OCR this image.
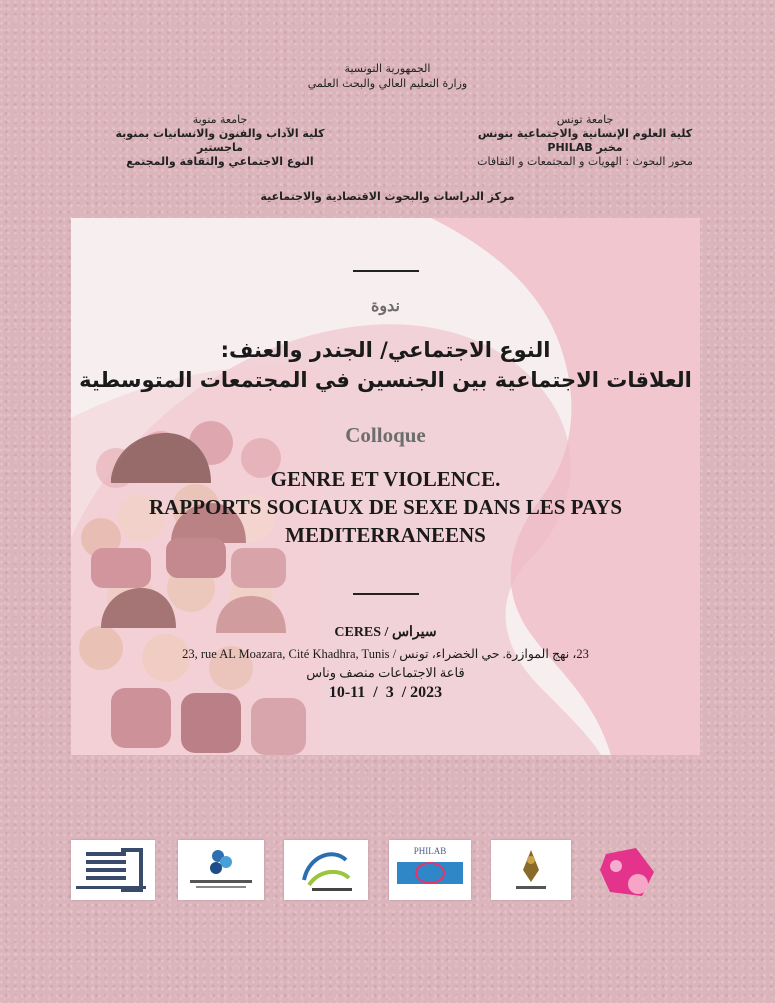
الجمهورية التونسية
وزارة التعليم العالي والبحث العلمي
جامعة منوبة
كلية الآداب والفنون والانسانيات بمنوبة
ماجستير
النوع الاجتماعي والثقافة والمجتمع
جامعة تونس
كلية العلوم الإنسانية والاجتماعية بتونس
مخبر PHILAB
محور البحوث : الهويات و المجتمعات و الثقافات
مركز الدراسات والبحوث الاقتصادية والاجتماعية
ندوة
النوع الاجتماعي/ الجندر والعنف:
العلاقات الاجتماعية بين الجنسين في المجتمعات المتوسطية
Colloque
GENRE ET VIOLENCE.
RAPPORTS SOCIAUX DE SEXE DANS LES PAYS
MEDITERRANEENS
CERES / سيراس
23, rue AL Moazara, Cité Khadhra, Tunis 23، نهج الموازرة. حي الخضراء، تونس /
قاعة الاجتماعات منصف وناس
10-11  /  3  / 2023
PHILAB
